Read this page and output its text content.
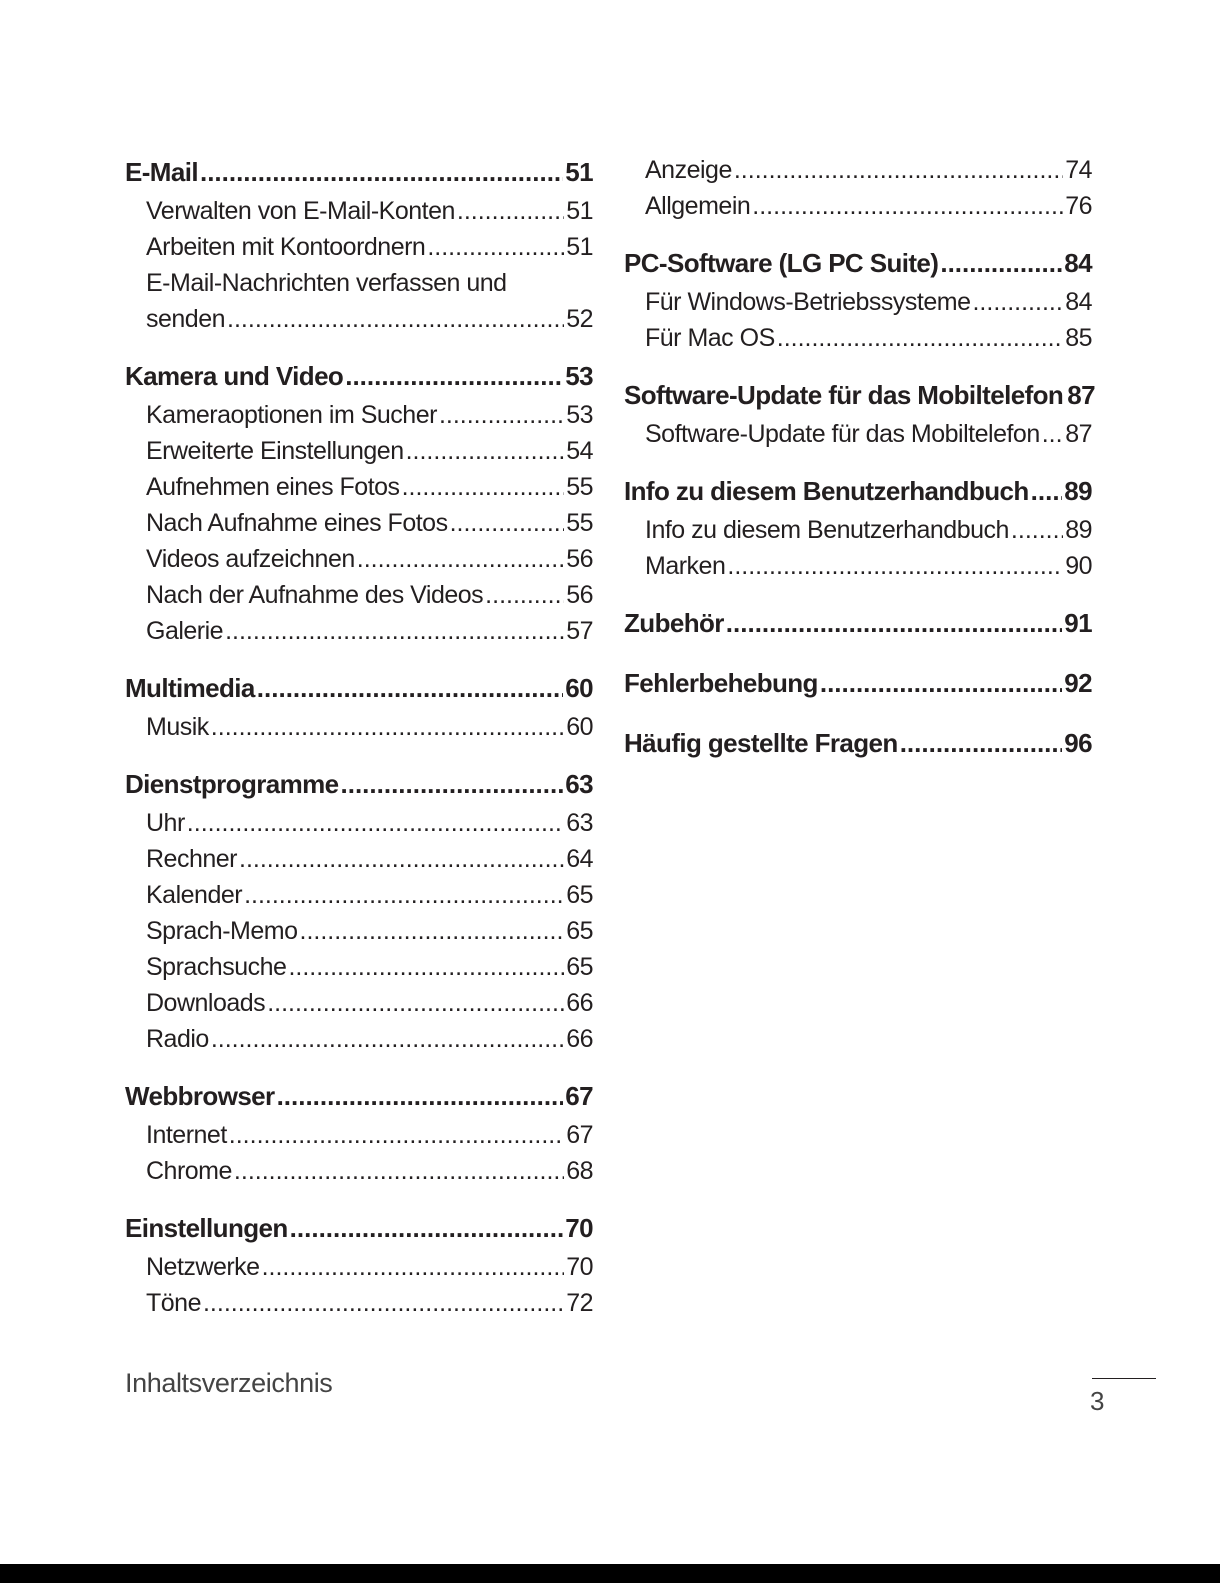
E-Mail .....	51
Verwalten von E-Mail-Konten .....	51
Arbeiten mit Kontoordnern .....	51
E-Mail-Nachrichten verfassen und
senden .....	52
Kamera und Video .....	53
Kameraoptionen im Sucher .....	53
Erweiterte Einstellungen .....	54
Aufnehmen eines Fotos .....	55
Nach Aufnahme eines Fotos .....	55
Videos aufzeichnen .....	56
Nach der Aufnahme des Videos .....	56
Galerie .....	57
Multimedia .....	60
Musik .....	60
Dienstprogramme .....	63
Uhr .....	63
Rechner .....	64
Kalender .....	65
Sprach-Memo .....	65
Sprachsuche .....	65
Downloads .....	66
Radio .....	66
Webbrowser .....	67
Internet .....	67
Chrome .....	68
Einstellungen .....	70
Netzwerke .....	70
Töne .....	72
Anzeige .....	74
Allgemein .....	76
PC-Software (LG PC Suite) .....	84
Für Windows-Betriebssysteme .....	84
Für Mac OS .....	85
Software-Update für das Mobiltelefon 87
Software-Update für das Mobiltelefon ..... 87
Info zu diesem Benutzerhandbuch ..... 89
Info zu diesem Benutzerhandbuch ..... 89
Marken .....	90
Zubehör .....	91
Fehlerbehebung .....	92
Häufig gestellte Fragen .....	96
Inhaltsverzeichnis
3
